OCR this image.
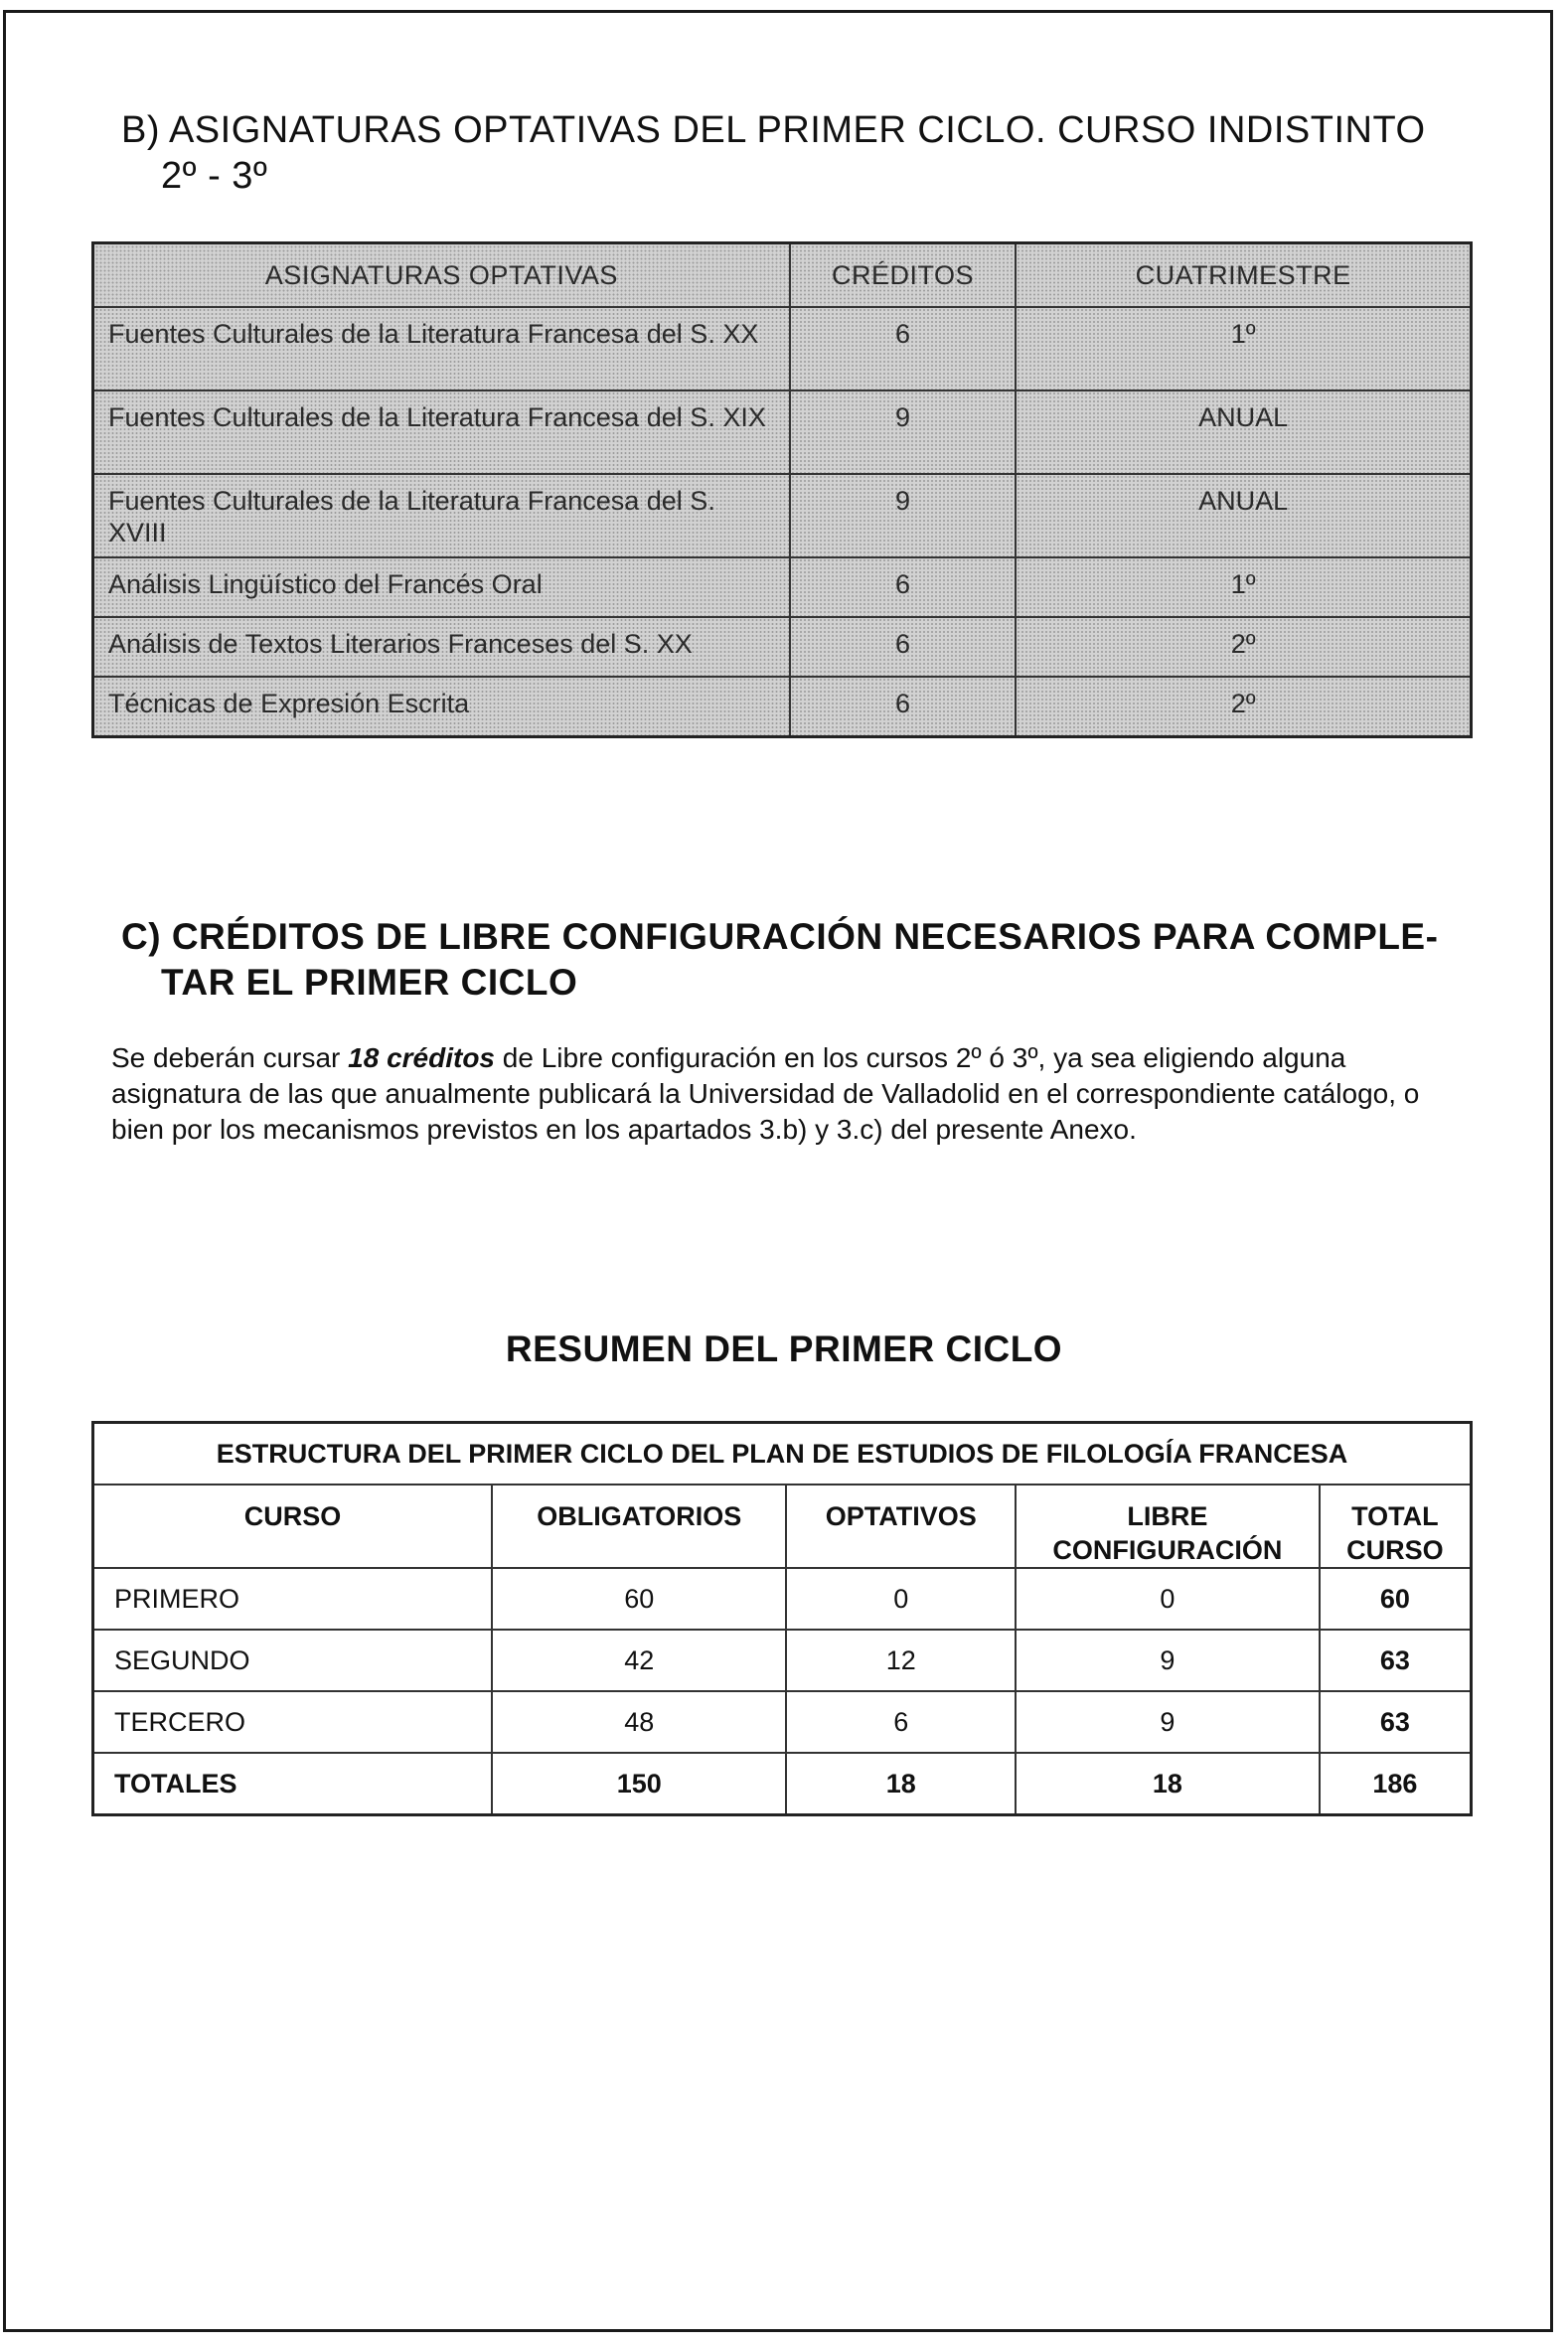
B) ASIGNATURAS OPTATIVAS DEL PRIMER CICLO. CURSO INDISTINTO
2º - 3º
ASIGNATURAS OPTATIVAS	CRÉDITOS	CUATRIMESTRE
Fuentes Culturales de la Literatura Francesa del S. XX	6	1º
Fuentes Culturales de la Literatura Francesa del S. XIX	9	ANUAL
Fuentes Culturales de la Literatura Francesa del S. XVIII	9	ANUAL
Análisis Lingüístico del Francés Oral	6	1º
Análisis de Textos Literarios Franceses del S. XX	6	2º
Técnicas de Expresión Escrita	6	2º
C) CRÉDITOS DE LIBRE CONFIGURACIÓN NECESARIOS PARA COMPLE-
TAR EL PRIMER CICLO

Se deberán cursar 18 créditos de Libre configuración en los cursos 2º ó 3º, ya sea eligiendo alguna asignatura de las que anualmente publicará la Universidad de Valladolid en el correspondiente catálogo, o bien por los mecanismos previstos en los apartados 3.b) y 3.c) del presente Anexo.

RESUMEN DEL PRIMER CICLO
ESTRUCTURA DEL PRIMER CICLO DEL PLAN DE ESTUDIOS DE FILOLOGÍA FRANCESA				
CURSO	OBLIGATORIOS	OPTATIVOS	LIBRE CONFIGURACIÓN	TOTAL CURSO
PRIMERO	60	0	0	60
SEGUNDO	42	12	9	63
TERCERO	48	6	9	63
TOTALES	150	18	18	186
